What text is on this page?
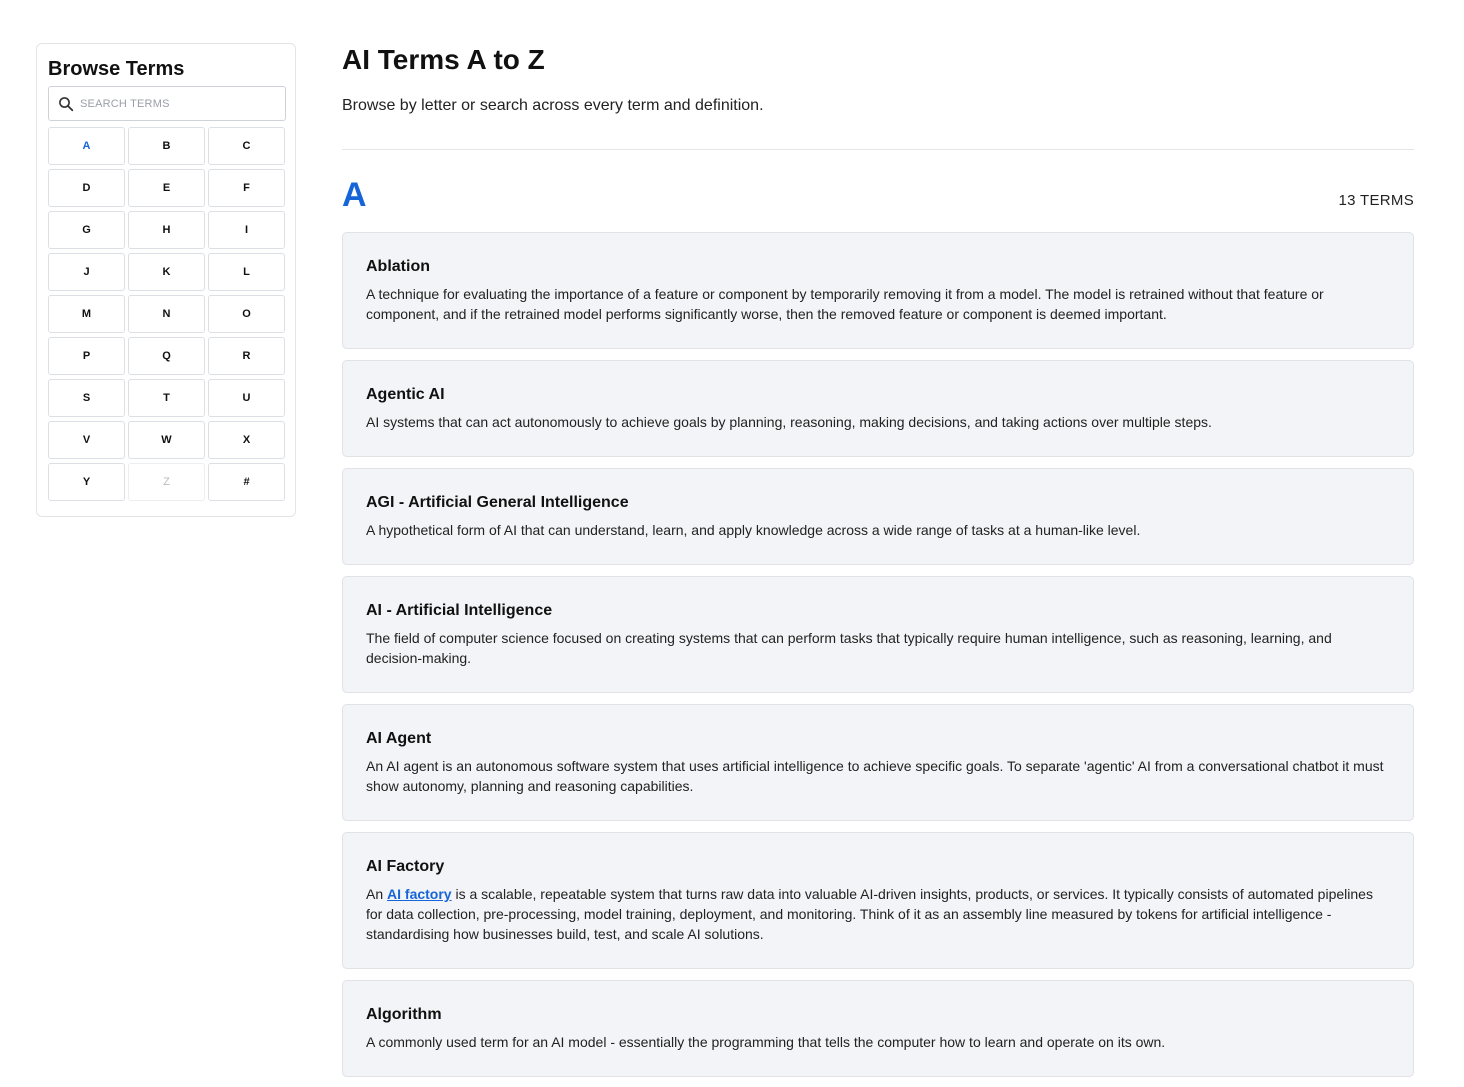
Browse Terms
SEARCH TERMS
A	B	C
D	E	F
G	H	I
J	K	L
M	N	O
P	Q	R
S	T	U
V	W	X
Y	Z	#
AI Terms A to Z

Browse by letter or search across every term and definition.

A	13 TERMS
Ablation
A technique for evaluating the importance of a feature or component by temporarily removing it from a model. The model is retrained without that feature or component, and if the retrained model performs significantly worse, then the removed feature or component is deemed important.
Agentic AI
AI systems that can act autonomously to achieve goals by planning, reasoning, making decisions, and taking actions over multiple steps.
AGI - Artificial General Intelligence
A hypothetical form of AI that can understand, learn, and apply knowledge across a wide range of tasks at a human-like level.
AI - Artificial Intelligence
The field of computer science focused on creating systems that can perform tasks that typically require human intelligence, such as reasoning, learning, and decision-making.
AI Agent
An AI agent is an autonomous software system that uses artificial intelligence to achieve specific goals. To separate 'agentic' AI from a conversational chatbot it must show autonomy, planning and reasoning capabilities.
AI Factory
An AI factory is a scalable, repeatable system that turns raw data into valuable AI-driven insights, products, or services. It typically consists of automated pipelines for data collection, pre-processing, model training, deployment, and monitoring. Think of it as an assembly line measured by tokens for artificial intelligence - standardising how businesses build, test, and scale AI solutions.
Algorithm
A commonly used term for an AI model - essentially the programming that tells the computer how to learn and operate on its own.
